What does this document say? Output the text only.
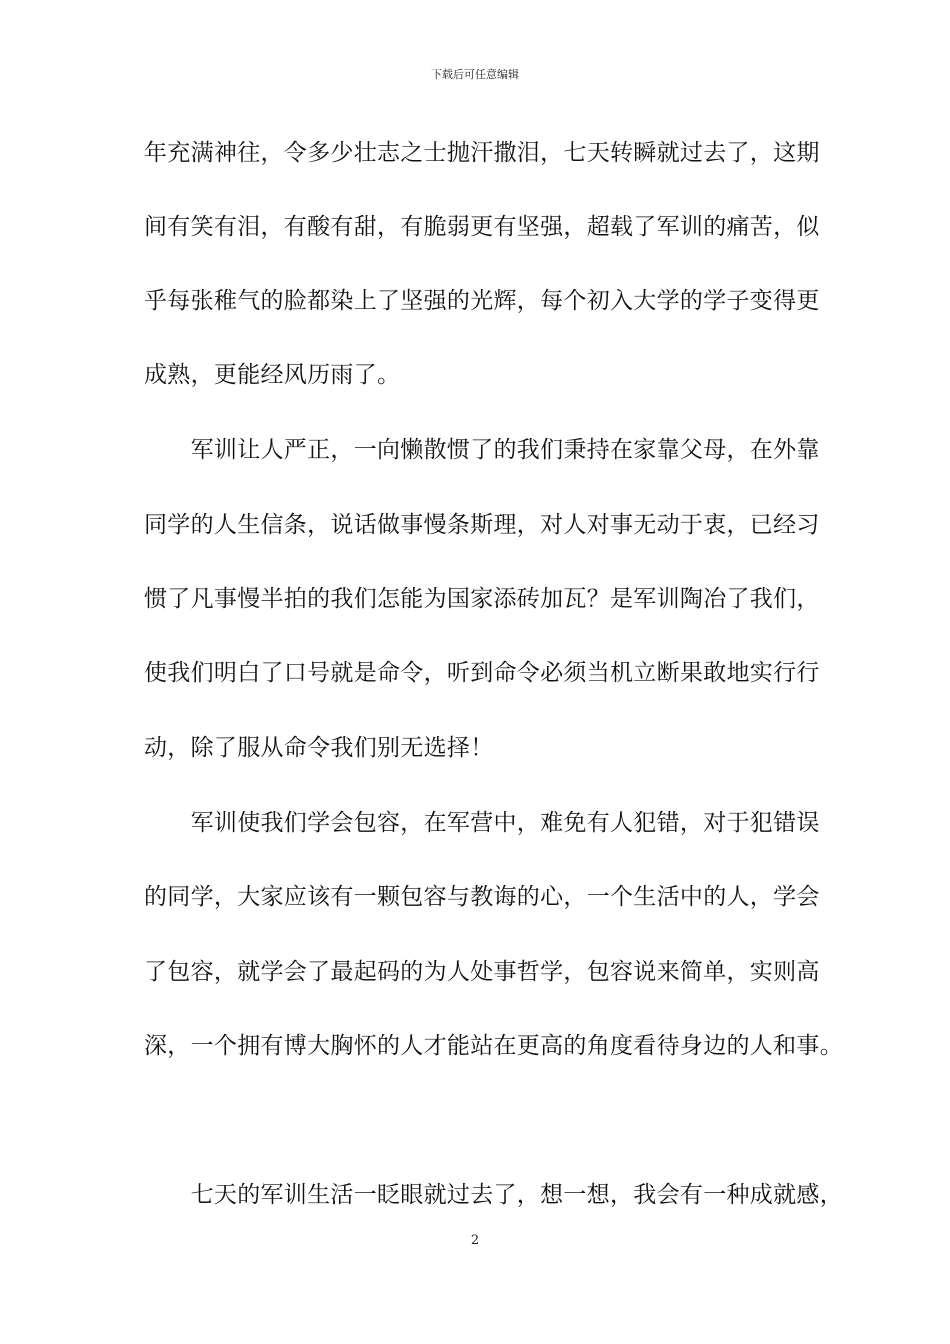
下载后可任意编辑
年充满神往，令多少壮志之士抛汗撒泪，七天转瞬就过去了，这期
间有笑有泪，有酸有甜，有脆弱更有坚强，超载了军训的痛苦，似
乎每张稚气的脸都染上了坚强的光辉，每个初入大学的学子变得更
成熟，更能经风历雨了。
　　军训让人严正，一向懒散惯了的我们秉持在家靠父母，在外靠
同学的人生信条，说话做事慢条斯理，对人对事无动于衷，已经习
惯了凡事慢半拍的我们怎能为国家添砖加瓦？是军训陶冶了我们，
使我们明白了口号就是命令，听到命令必须当机立断果敢地实行行
动，除了服从命令我们别无选择！
　　军训使我们学会包容，在军营中，难免有人犯错，对于犯错误
的同学，大家应该有一颗包容与教诲的心，一个生活中的人，学会
了包容，就学会了最起码的为人处事哲学，包容说来简单，实则高
深，一个拥有博大胸怀的人才能站在更高的角度看待身边的人和事。
　　七天的军训生活一眨眼就过去了，想一想，我会有一种成就感，
2
